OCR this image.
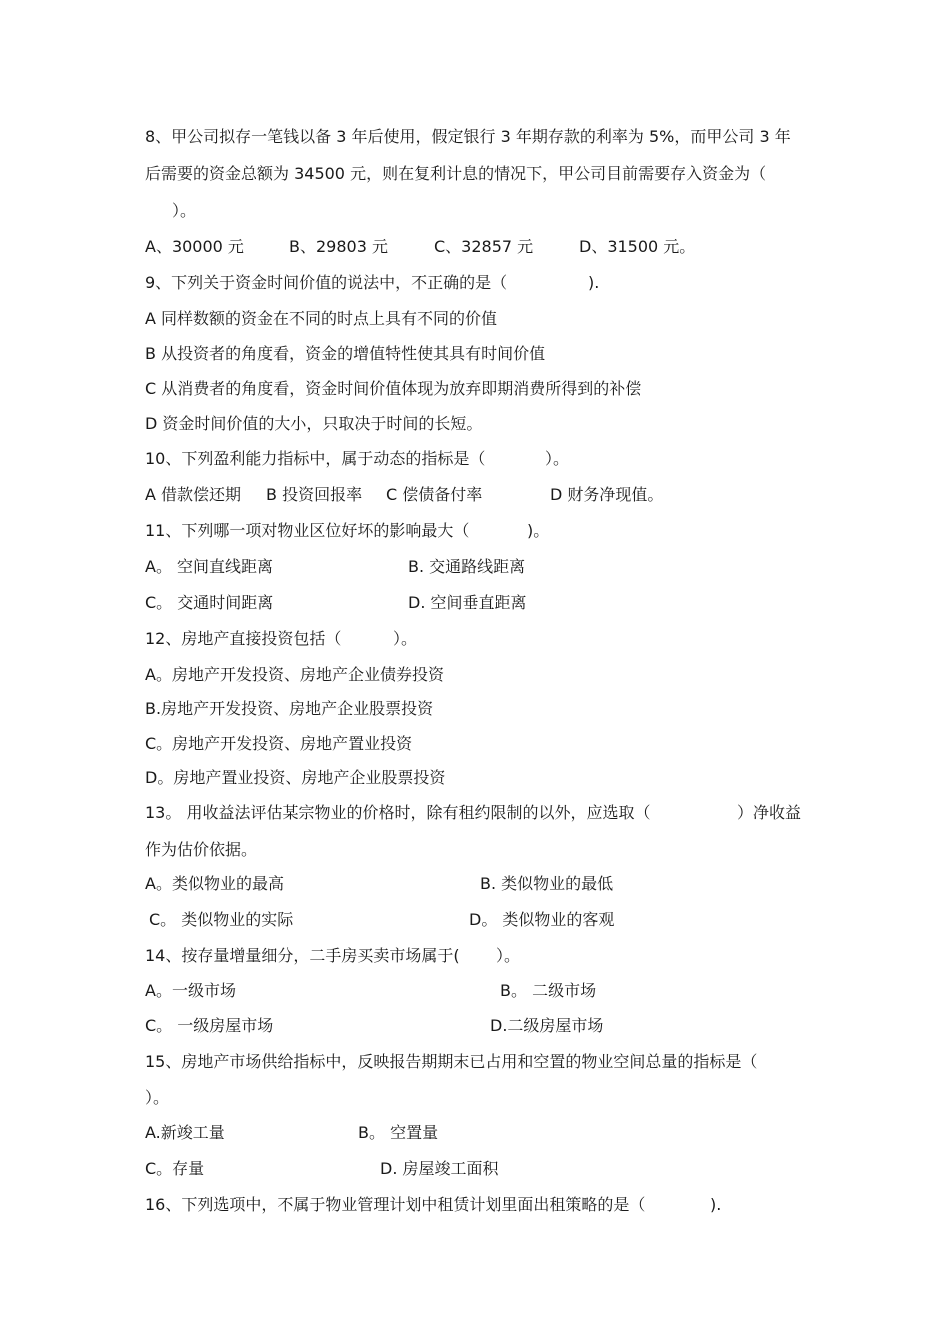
8、甲公司拟存一笔钱以备 3 年后使用，假定银行 3 年期存款的利率为 5%，而甲公司 3 年
后需要的资金总额为 34500 元，则在复利计息的情况下，甲公司目前需要存入资金为（
）。
A、30000 元	B、29803 元	C、32857 元	D、31500 元。
9、下列关于资金时间价值的说法中，不正确的是（	).
A 同样数额的资金在不同的时点上具有不同的价值
B 从投资者的角度看，资金的增值特性使其具有时间价值
C 从消费者的角度看，资金时间价值体现为放弃即期消费所得到的补偿
D 资金时间价值的大小，只取决于时间的长短。
10、下列盈利能力指标中，属于动态的指标是（	）。
A 借款偿还期 B 投资回报率 C 偿债备付率	D 财务净现值。
11、下列哪一项对物业区位好坏的影响最大（	)。
A。 空间直线距离	B. 交通路线距离
C。 交通时间距离	D. 空间垂直距离
12、房地产直接投资包括（	）。
A。房地产开发投资、房地产企业债券投资
B.房地产开发投资、房地产企业股票投资
C。房地产开发投资、房地产置业投资
D。房地产置业投资、房地产企业股票投资
13。 用收益法评估某宗物业的价格时，除有租约限制的以外，应选取（	）净收益
作为估价依据。
A。类似物业的最高	B. 类似物业的最低
C。 类似物业的实际	D。 类似物业的客观
14、按存量增量细分，二手房买卖市场属于( ）。
A。一级市场	B。 二级市场
C。 一级房屋市场	D.二级房屋市场
15、房地产市场供给指标中，反映报告期期末已占用和空置的物业空间总量的指标是（
）。
A.新竣工量	B。 空置量
C。存量	D. 房屋竣工面积
16、下列选项中，不属于物业管理计划中租赁计划里面出租策略的是（	).
